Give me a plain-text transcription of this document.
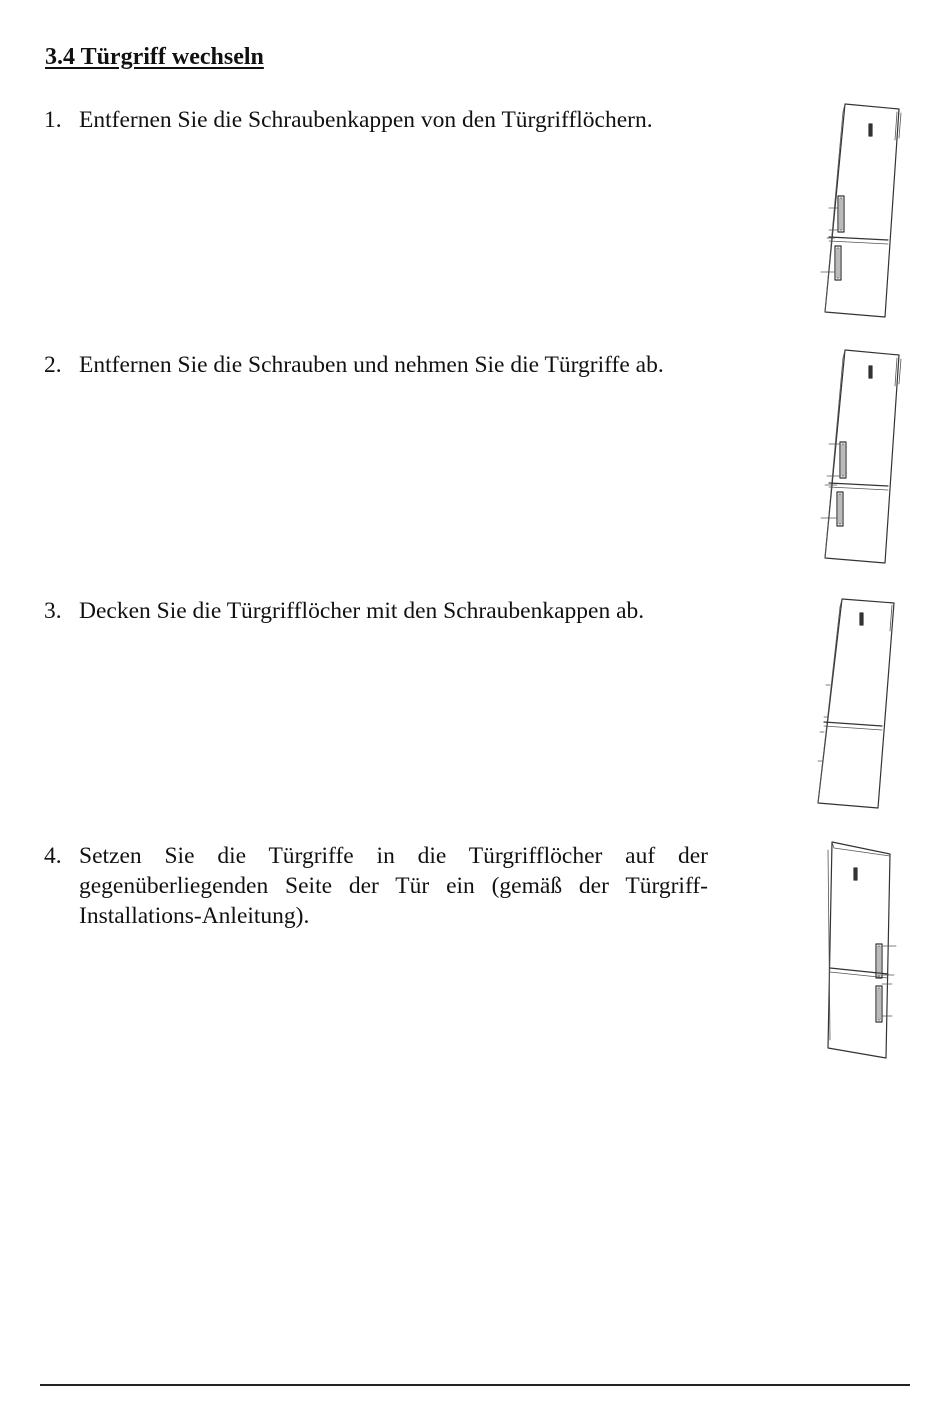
3.4 Türgriff wechseln
1. Entfernen Sie die Schraubenkappen von den Türgrifflöchern.
2. Entfernen Sie die Schrauben und nehmen Sie die Türgriffe ab.
3. Decken Sie die Türgrifflöcher mit den Schraubenkappen ab.
4. Setzen Sie die Türgriffe in die Türgrifflöcher auf der gegenüberliegenden Seite der Tür ein (gemäß der Türgriff-Installations-Anleitung).
